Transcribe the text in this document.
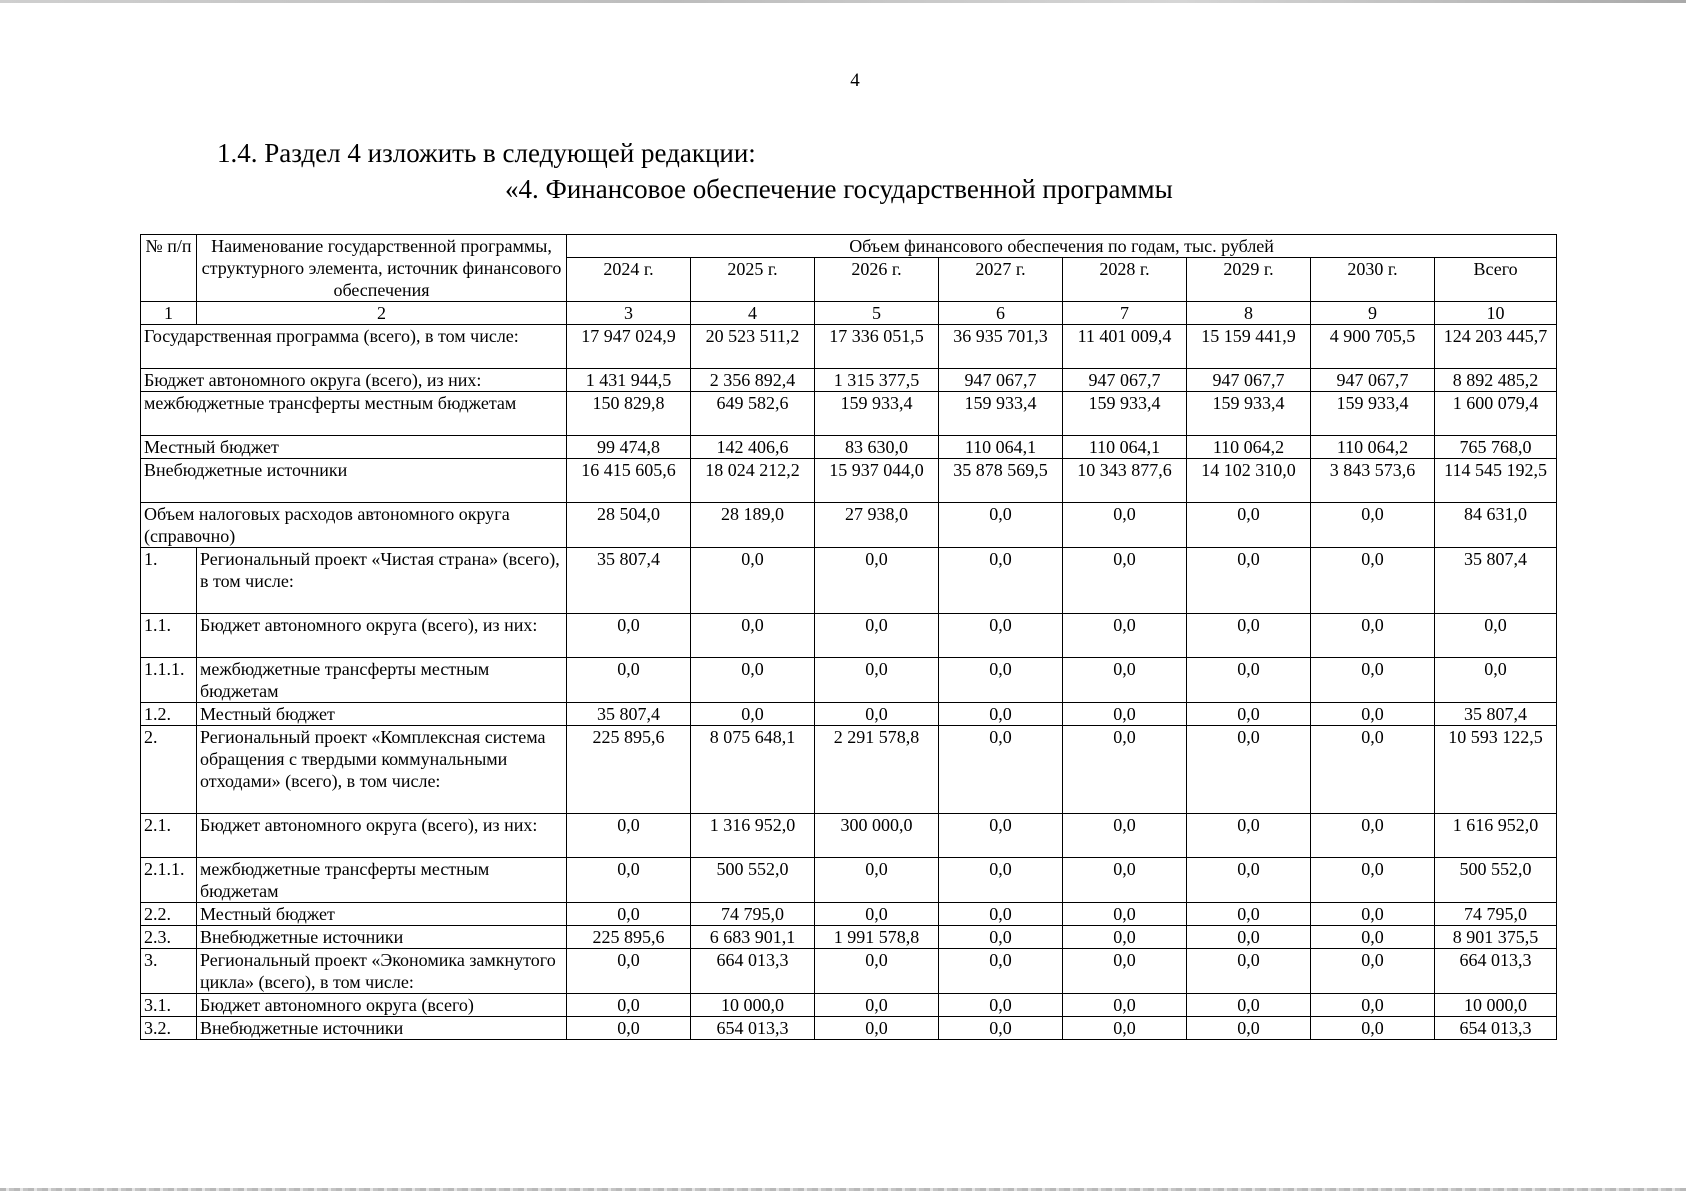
4
1.4. Раздел 4 изложить в следующей редакции:
«4. Финансовое обеспечение государственной программы
№ п/п	Наименование государственной программы, структурного элемента, источник финансового обеспечения	Объем финансового обеспечения по годам, тыс. рублей							
		2024 г.	2025 г.	2026 г.	2027 г.	2028 г.	2029 г.	2030 г.	Всего
1	2	3	4	5	6	7	8	9	10
Государственная программа (всего), в том числе:		17 947 024,9	20 523 511,2	17 336 051,5	36 935 701,3	11 401 009,4	15 159 441,9	4 900 705,5	124 203 445,7
Бюджет автономного округа (всего), из них:		1 431 944,5	2 356 892,4	1 315 377,5	947 067,7	947 067,7	947 067,7	947 067,7	8 892 485,2
межбюджетные трансферты местным бюджетам		150 829,8	649 582,6	159 933,4	159 933,4	159 933,4	159 933,4	159 933,4	1 600 079,4
Местный бюджет		99 474,8	142 406,6	83 630,0	110 064,1	110 064,1	110 064,2	110 064,2	765 768,0
Внебюджетные источники		16 415 605,6	18 024 212,2	15 937 044,0	35 878 569,5	10 343 877,6	14 102 310,0	3 843 573,6	114 545 192,5
Объем налоговых расходов автономного округа (справочно)		28 504,0	28 189,0	27 938,0	0,0	0,0	0,0	0,0	84 631,0
1.	Региональный проект «Чистая страна» (всего), в том числе:	35 807,4	0,0	0,0	0,0	0,0	0,0	0,0	35 807,4
1.1.	Бюджет автономного округа (всего), из них:	0,0	0,0	0,0	0,0	0,0	0,0	0,0	0,0
1.1.1.	межбюджетные трансферты местным бюджетам	0,0	0,0	0,0	0,0	0,0	0,0	0,0	0,0
1.2.	Местный бюджет	35 807,4	0,0	0,0	0,0	0,0	0,0	0,0	35 807,4
2.	Региональный проект «Комплексная система обращения с твердыми коммунальными отходами» (всего), в том числе:	225 895,6	8 075 648,1	2 291 578,8	0,0	0,0	0,0	0,0	10 593 122,5
2.1.	Бюджет автономного округа (всего), из них:	0,0	1 316 952,0	300 000,0	0,0	0,0	0,0	0,0	1 616 952,0
2.1.1.	межбюджетные трансферты местным бюджетам	0,0	500 552,0	0,0	0,0	0,0	0,0	0,0	500 552,0
2.2.	Местный бюджет	0,0	74 795,0	0,0	0,0	0,0	0,0	0,0	74 795,0
2.3.	Внебюджетные источники	225 895,6	6 683 901,1	1 991 578,8	0,0	0,0	0,0	0,0	8 901 375,5
3.	Региональный проект «Экономика замкнутого цикла» (всего), в том числе:	0,0	664 013,3	0,0	0,0	0,0	0,0	0,0	664 013,3
3.1.	Бюджет автономного округа (всего)	0,0	10 000,0	0,0	0,0	0,0	0,0	0,0	10 000,0
3.2.	Внебюджетные источники	0,0	654 013,3	0,0	0,0	0,0	0,0	0,0	654 013,3
